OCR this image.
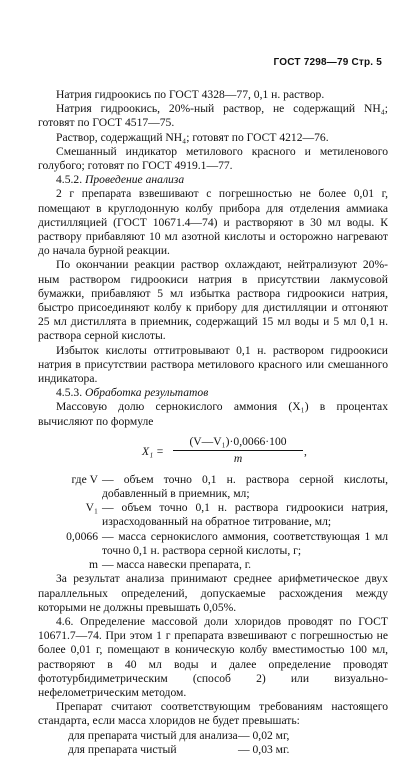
ГОСТ 7298—79 Стр. 5

Натрия гидроокись по ГОСТ 4328—77, 0,1 н. раствор.

Натрия гидроокись, 20%-ный раствор, не содержащий NH₄; готовят по ГОСТ 4517—75.

Раствор, содержащий NH₄; готовят по ГОСТ 4212—76.

Смешанный индикатор метилового красного и метиленового голубого; готовят по ГОСТ 4919.1—77.

4.5.2. Проведение анализа

2 г препарата взвешивают с погрешностью не более 0,01 г, помещают в круглодонную колбу прибора для отделения аммиака дистилляцией (ГОСТ 10671.4—74) и растворяют в 30 мл воды. К раствору прибавляют 10 мл азотной кислоты и осторожно нагревают до начала бурной реакции.

По окончании реакции раствор охлаждают, нейтрализуют 20%-ным раствором гидроокиси натрия в присутствии лакмусовой бумажки, прибавляют 5 мл избытка раствора гидроокиси натрия, быстро присоединяют колбу к прибору для дистилляции и отгоняют 25 мл дистиллята в приемник, содержащий 15 мл воды и 5 мл 0,1 н. раствора серной кислоты.

Избыток кислоты оттитровывают 0,1 н. раствором гидроокиси натрия в присутствии раствора метилового красного или смешанного индикатора.

4.5.3. Обработка результатов

Массовую долю сернокислого аммония (X₁) в процентах вычисляют по формуле

$X_1 = \frac{\text{(V—V₁)·0,0066·100}}{m}$ ,
где V — объем точно 0,1 н. раствора серной кислоты, добавленный в приемник, мл;
V₁ — объем точно 0,1 н. раствора гидроокиси натрия, израсходованный на обратное титрование, мл;
0,0066 — масса сернокислого аммония, соответствующая 1 мл точно 0,1 н. раствора серной кислоты, г;
m — масса навески препарата, г.

За результат анализа принимают среднее арифметическое двух параллельных определений, допускаемые расхождения между которыми не должны превышать 0,05%.

4.6. Определение массовой доли хлоридов проводят по ГОСТ 10671.7—74. При этом 1 г препарата взвешивают с погрешностью не более 0,01 г, помещают в коническую колбу вместимостью 100 мл, растворяют в 40 мл воды и далее определение проводят фототурбидиметрическим (способ 2) или визуально-нефелометрическим методом.

Препарат считают соответствующим требованиям настоящего стандарта, если масса хлоридов не будет превышать:

для препарата чистый для анализа — 0,02 мг,
для препарата чистый	— 0,03 мг.
